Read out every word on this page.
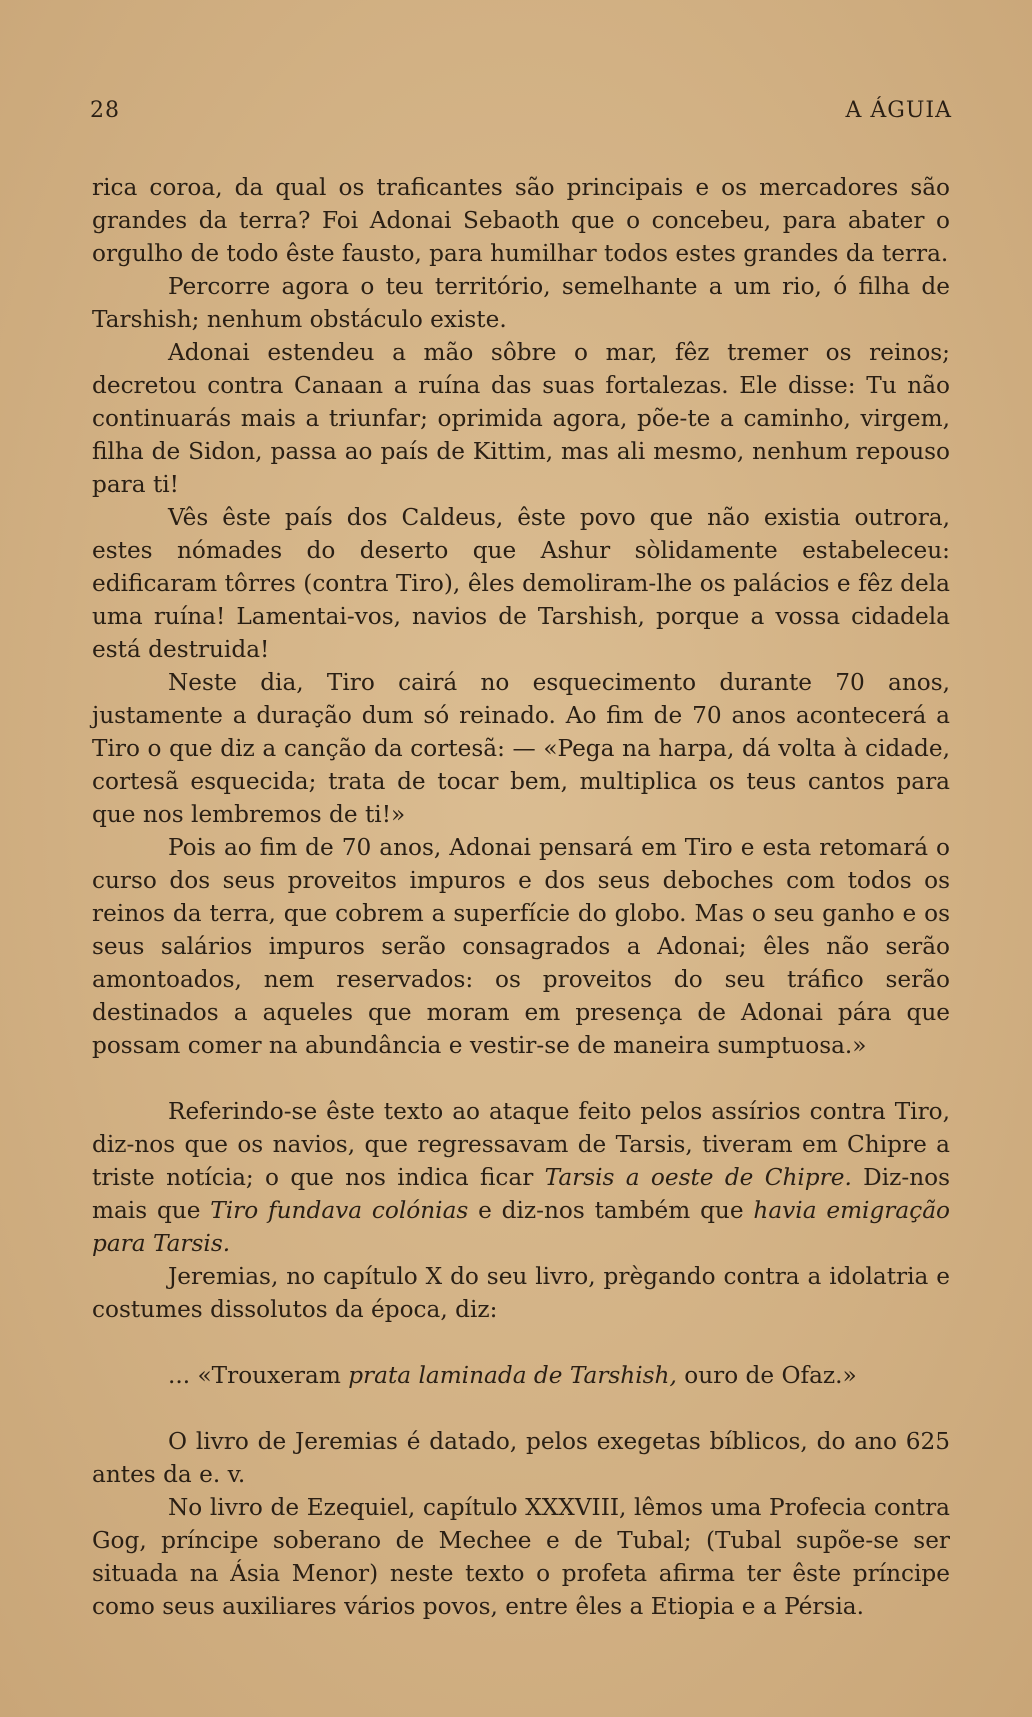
28	A ÁGUIA

rica coroa, da qual os traficantes são principais e os mercadores são grandes da terra? Foi Adonai Sebaoth que o concebeu, para abater o orgulho de todo êste fausto, para humilhar todos estes grandes da terra.

Percorre agora o teu território, semelhante a um rio, ó filha de Tarshish; nenhum obstáculo existe.

Adonai estendeu a mão sôbre o mar, fêz tremer os reinos; decretou contra Canaan a ruína das suas fortalezas. Ele disse: Tu não continuarás mais a triunfar; oprimida agora, põe-te a caminho, virgem, filha de Sidon, passa ao país de Kittim, mas ali mesmo, nenhum repouso para ti!

Vês êste país dos Caldeus, êste povo que não existia outrora, estes nómades do deserto que Ashur sòlidamente estabeleceu: edificaram tôrres (contra Tiro), êles demoliram-lhe os palácios e fêz dela uma ruína! Lamentai-vos, navios de Tarshish, porque a vossa cidadela está destruida!

Neste dia, Tiro cairá no esquecimento durante 70 anos, justamente a duração dum só reinado. Ao fim de 70 anos acontecerá a Tiro o que diz a canção da cortesã: — «Pega na harpa, dá volta à cidade, cortesã esquecida; trata de tocar bem, multiplica os teus cantos para que nos lembremos de ti!»

Pois ao fim de 70 anos, Adonai pensará em Tiro e esta retomará o curso dos seus proveitos impuros e dos seus deboches com todos os reinos da terra, que cobrem a superfície do globo. Mas o seu ganho e os seus salários impuros serão consagrados a Adonai; êles não serão amontoados, nem reservados: os proveitos do seu tráfico serão destinados a aqueles que moram em presença de Adonai pára que possam comer na abundância e vestir-se de maneira sumptuosa.»

Referindo-se êste texto ao ataque feito pelos assírios contra Tiro, diz-nos que os navios, que regressavam de Tarsis, tiveram em Chipre a triste notícia; o que nos indica ficar Tarsis a oeste de Chipre. Diz-nos mais que Tiro fundava colónias e diz-nos também que havia emigração para Tarsis.

Jeremias, no capítulo X do seu livro, prègando contra a idolatria e costumes dissolutos da época, diz:

... «Trouxeram prata laminada de Tarshish, ouro de Ofaz.»

O livro de Jeremias é datado, pelos exegetas bíblicos, do ano 625 antes da e. v.

No livro de Ezequiel, capítulo XXXVIII, lêmos uma Profecia contra Gog, príncipe soberano de Mechee e de Tubal; (Tubal supõe-se ser situada na Ásia Menor) neste texto o profeta afirma ter êste príncipe como seus auxiliares vários povos, entre êles a Etiopia e a Pérsia.
